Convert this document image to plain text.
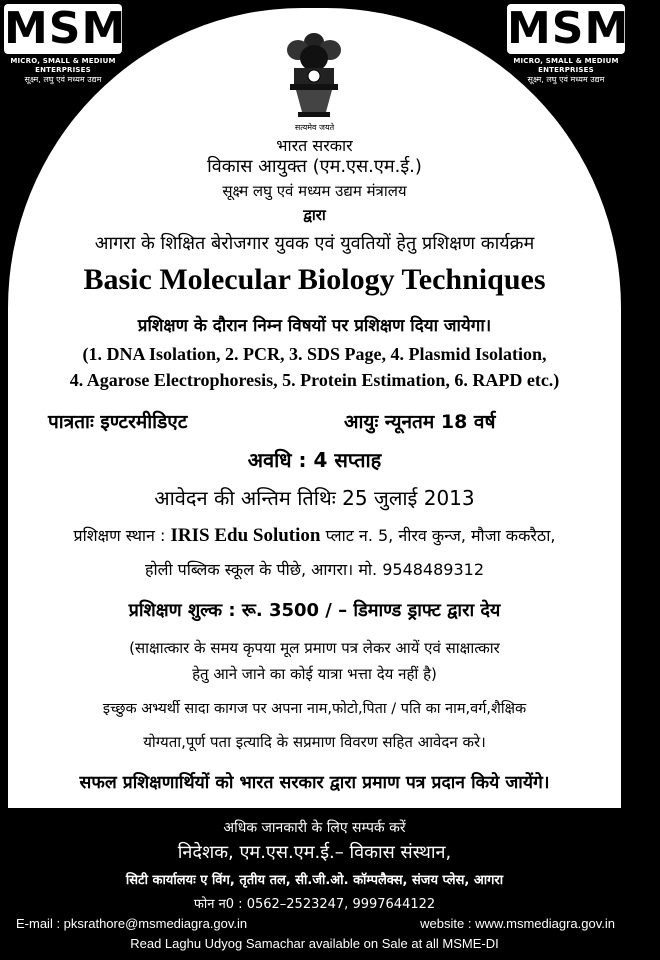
MSME
MICRO, SMALL & MEDIUM ENTERPRISES
सूक्ष्म, लघु एवं मध्यम उद्यम
MSME
MICRO, SMALL & MEDIUM ENTERPRISES
सूक्ष्म, लघु एवं मध्यम उद्यम
सत्यमेव जयते
भारत सरकार
विकास आयुक्त (एम.एस.एम.ई.)
सूक्ष्म लघु एवं मध्यम उद्यम मंत्रालय
द्वारा
आगरा के शिक्षित बेरोजगार युवक एवं युवतियों हेतु प्रशिक्षण कार्यक्रम
Basic Molecular Biology Techniques
प्रशिक्षण के दौरान निम्न विषयों पर प्रशिक्षण दिया जायेगा।
(1. DNA Isolation, 2. PCR, 3. SDS Page, 4. Plasmid Isolation,
4. Agarose Electrophoresis, 5. Protein Estimation, 6. RAPD etc.)
पात्रताः इण्टरमीडिएट	आयुः न्यूनतम 18 वर्ष
अवधि : 4 सप्ताह
आवेदन की अन्तिम तिथिः 25 जुलाई 2013
प्रशिक्षण स्थान : IRIS Edu Solution प्लाट न. 5, नीरव कुन्ज, मौजा ककरैठा,
होली पब्लिक स्कूल के पीछे, आगरा। मो. 9548489312
प्रशिक्षण शुल्क : रू. 3500 / – डिमाण्ड ड्राफ्ट द्वारा देय
(साक्षात्कार के समय कृपया मूल प्रमाण पत्र लेकर आयें एवं साक्षात्कार
हेतु आने जाने का कोई यात्रा भत्ता देय नहीं है)
इच्छुक अभ्यर्थी सादा कागज पर अपना नाम,फोटो,पिता / पति का नाम,वर्ग,शैक्षिक
योग्यता,पूर्ण पता इत्यादि के सप्रमाण विवरण सहित आवेदन करे।
सफल प्रशिक्षणार्थियों को भारत सरकार द्वारा प्रमाण पत्र प्रदान किये जायेंगे।
अधिक जानकारी के लिए सम्पर्क करें
निदेशक, एम.एस.एम.ई.– विकास संस्थान,
सिटी कार्यालयः ए विंग, तृतीय तल, सी.जी.ओ. कॉम्पलैक्स, संजय प्लेस, आगरा
फोन न0 : 0562–2523247, 9997644122
E-mail : pksrathore@msmediagra.gov.in	website : www.msmediagra.gov.in
Read Laghu Udyog Samachar available on Sale at all MSME-DI
